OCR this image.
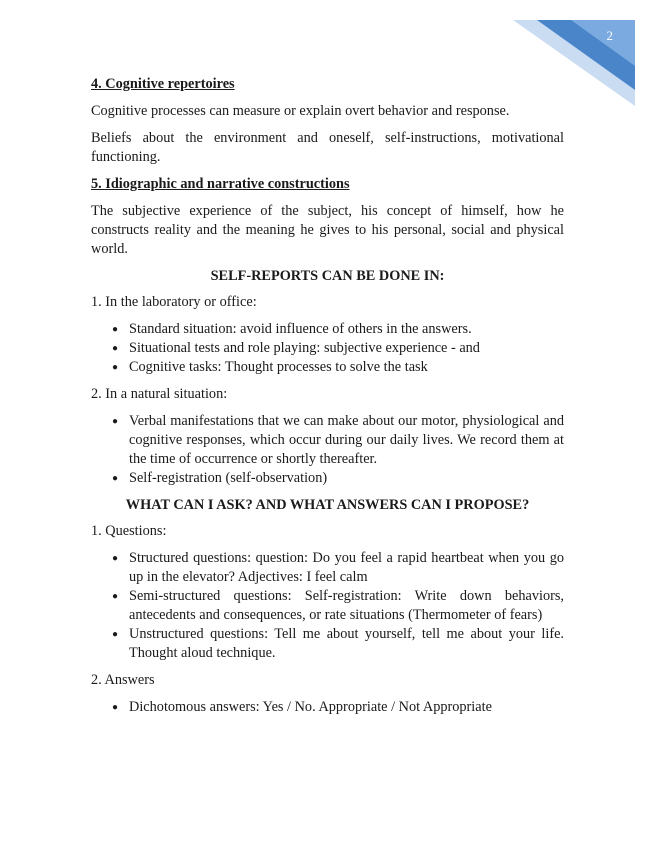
2

4. Cognitive repertoires

Cognitive processes can measure or explain overt behavior and response.

Beliefs about the environment and oneself, self-instructions, motivational functioning.

5. Idiographic and narrative constructions

The subjective experience of the subject, his concept of himself, how he constructs reality and the meaning he gives to his personal, social and physical world.

SELF-REPORTS CAN BE DONE IN:

1. In the laboratory or office:

● Standard situation: avoid influence of others in the answers.
● Situational tests and role playing: subjective experience - and
● Cognitive tasks: Thought processes to solve the task

2. In a natural situation:

● Verbal manifestations that we can make about our motor, physiological and cognitive responses, which occur during our daily lives. We record them at the time of occurrence or shortly thereafter.
● Self-registration (self-observation)

WHAT CAN I ASK? AND WHAT ANSWERS CAN I PROPOSE?

1. Questions:

● Structured questions: question: Do you feel a rapid heartbeat when you go up in the elevator? Adjectives: I feel calm
● Semi-structured questions: Self-registration: Write down behaviors, antecedents and consequences, or rate situations (Thermometer of fears)
● Unstructured questions: Tell me about yourself, tell me about your life. Thought aloud technique.

2. Answers

● Dichotomous answers: Yes / No. Appropriate / Not Appropriate
